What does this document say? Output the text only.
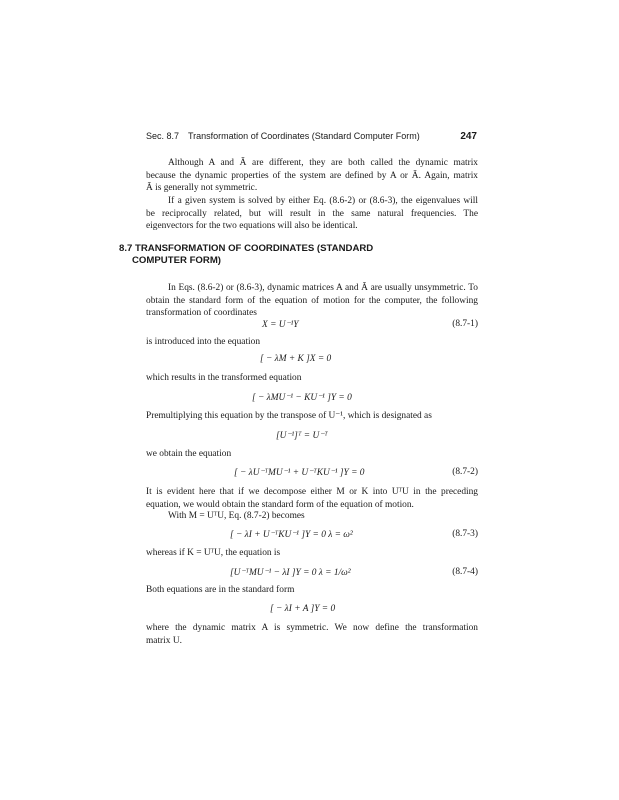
Sec. 8.7 Transformation of Coordinates (Standard Computer Form)	247
Although A and Ã are different, they are both called the dynamic matrix
because the dynamic properties of the system are defined by A or Ã. Again, matrix
Ã is generally not symmetric.
If a given system is solved by either Eq. (8.6-2) or (8.6-3), the eigenvalues will
be reciprocally related, but will result in the same natural frequencies. The
eigenvectors for the two equations will also be identical.
8.7 TRANSFORMATION OF COORDINATES (STANDARD
COMPUTER FORM)
In Eqs. (8.6-2) or (8.6-3), dynamic matrices A and Ã are usually unsymmetric. To
obtain the standard form of the equation of motion for the computer, the following
transformation of coordinates
X = U⁻¹Y	(8.7-1)
is introduced into the equation
[ − λM + K ]X = 0
which results in the transformed equation
[ − λMU⁻¹ − KU⁻¹ ]Y = 0
Premultiplying this equation by the transpose of U⁻¹, which is designated as
[U⁻¹]ᵀ = U⁻ᵀ
we obtain the equation
[ − λU⁻ᵀMU⁻¹ + U⁻ᵀKU⁻¹ ]Y = 0	(8.7-2)
It is evident here that if we decompose either M or K into UᵀU in the preceding
equation, we would obtain the standard form of the equation of motion.
With M = UᵀU, Eq. (8.7-2) becomes
[ − λI + U⁻ᵀKU⁻¹ ]Y = 0 λ = ω²	(8.7-3)
whereas if K = UᵀU, the equation is
[U⁻ᵀMU⁻¹ − λI ]Y = 0 λ = 1/ω²	(8.7-4)
Both equations are in the standard form
[ − λI + A ]Y = 0
where the dynamic matrix A is symmetric. We now define the transformation
matrix U.
